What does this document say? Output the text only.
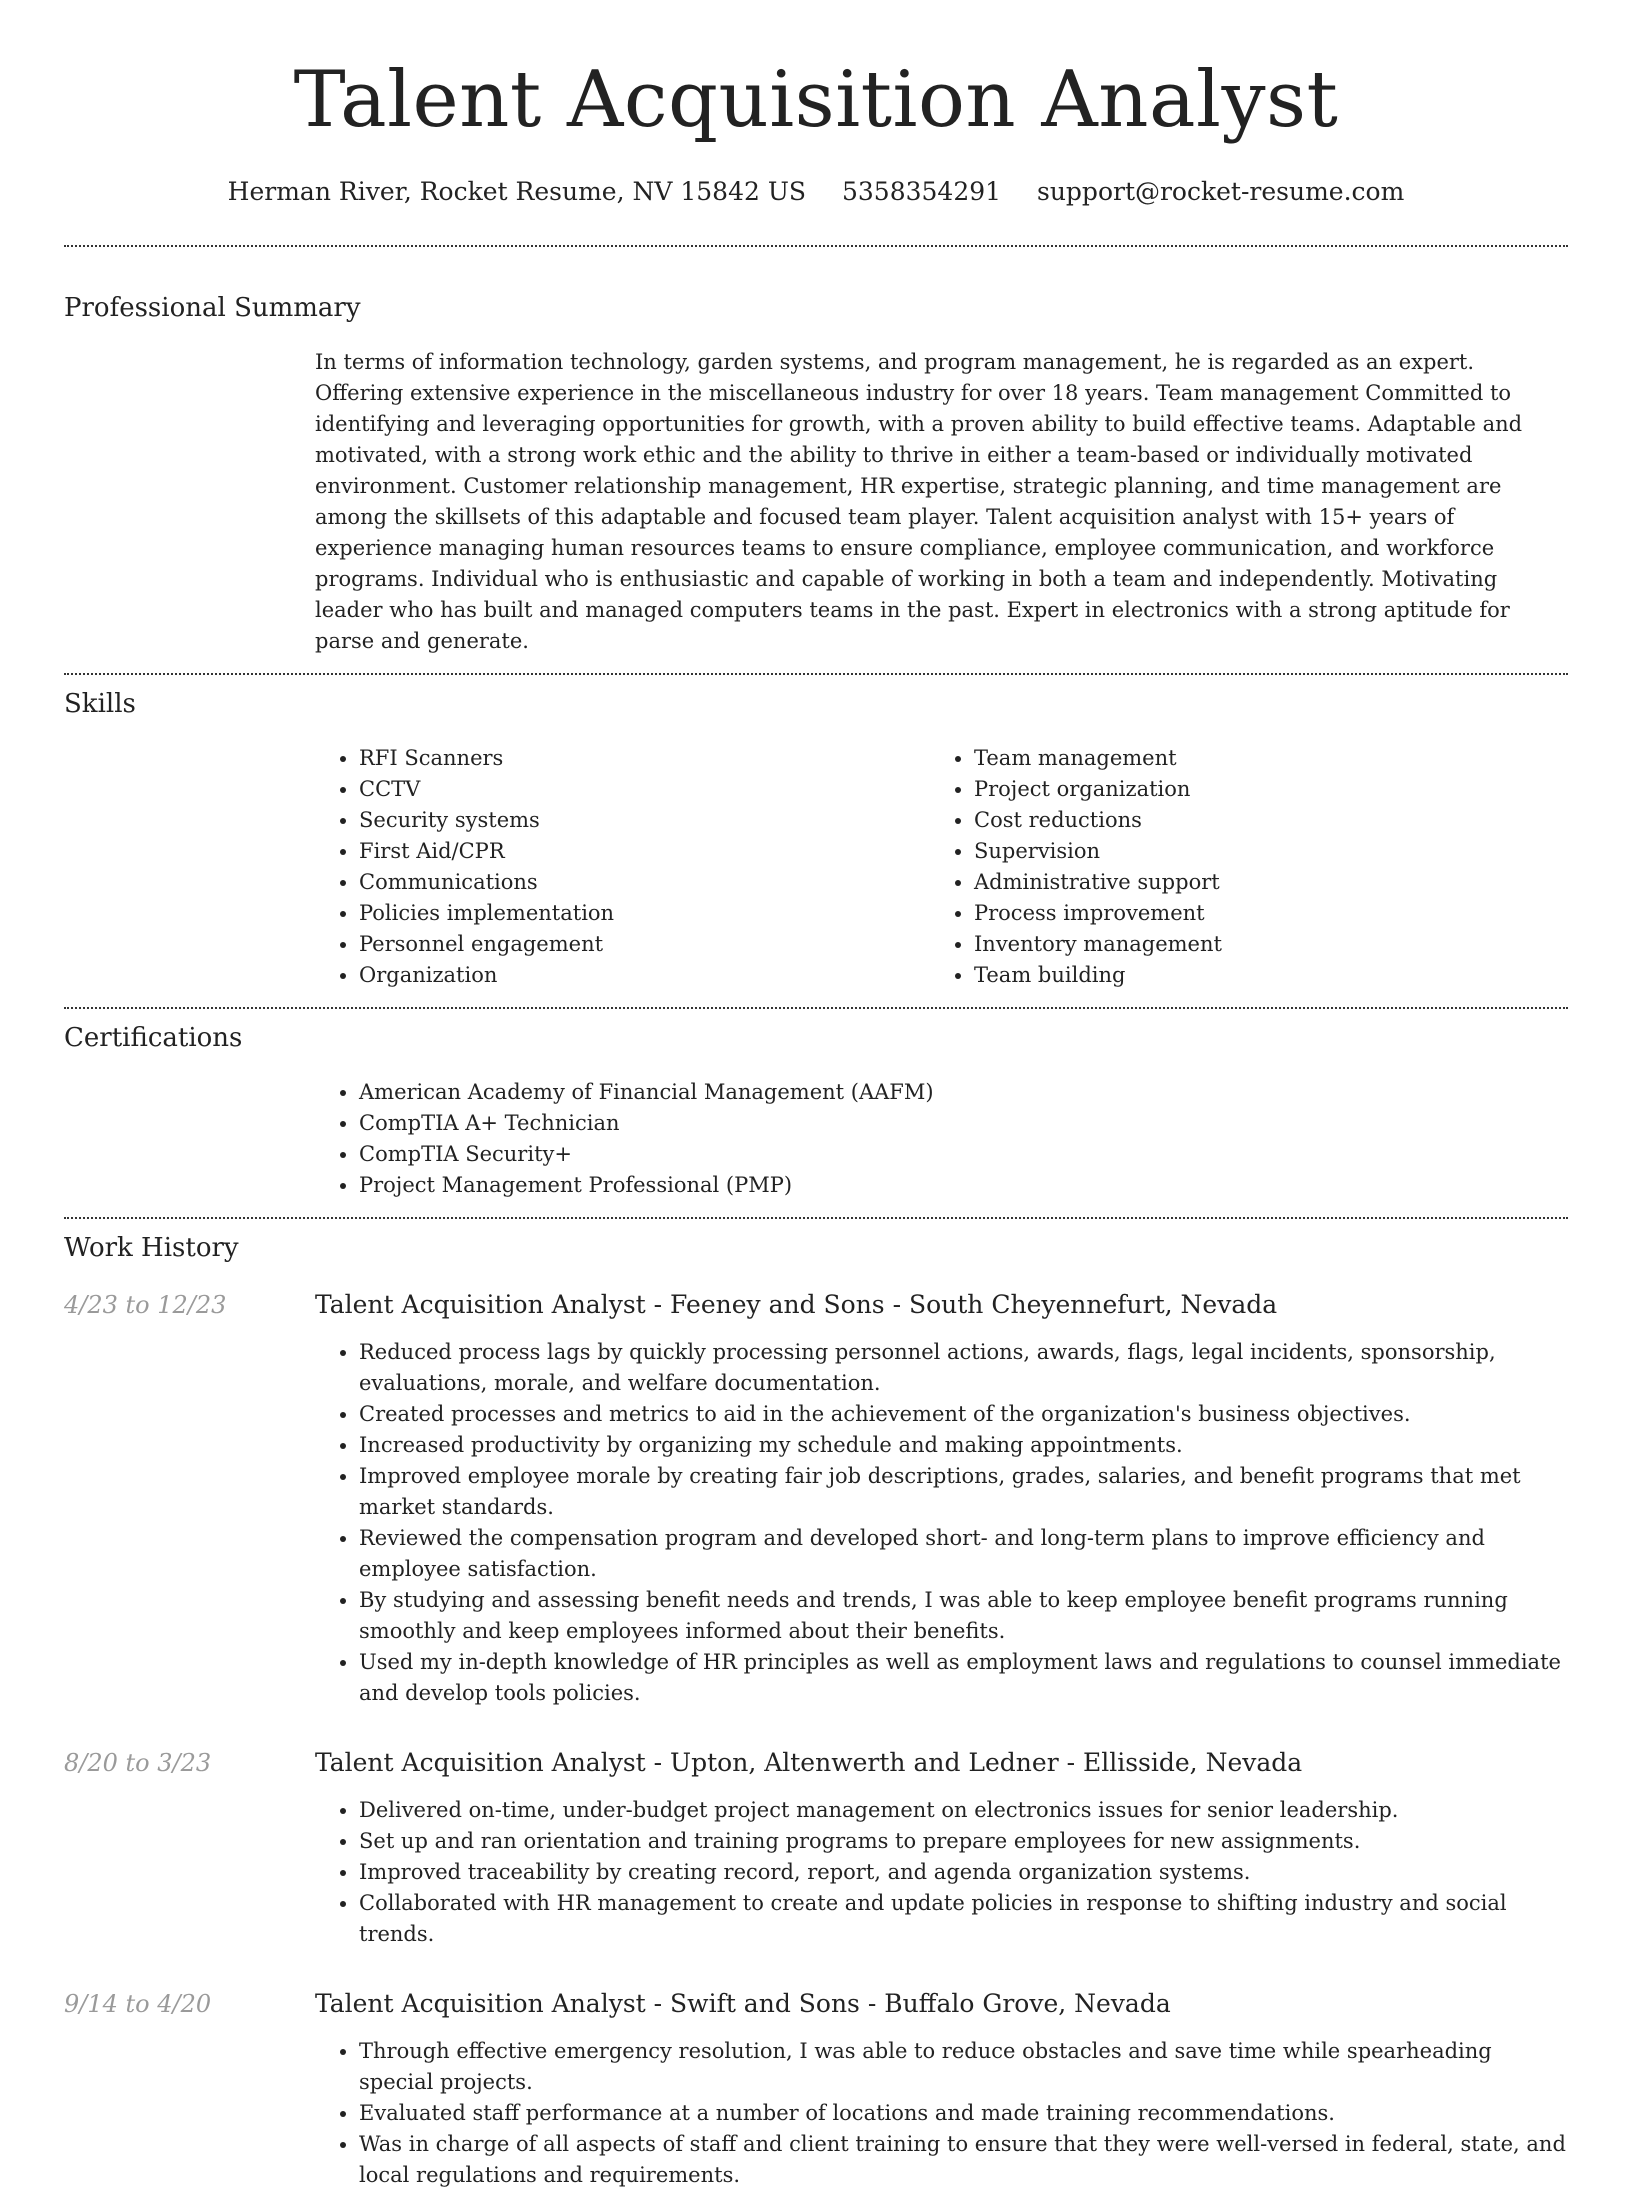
Talent Acquisition Analyst
Herman River, Rocket Resume, NV 15842 US 5358354291 support@rocket-resume.com
Professional Summary

In terms of information technology, garden systems, and program management, he is regarded as an expert. Offering extensive experience in the miscellaneous industry for over 18 years. Team management Committed to identifying and leveraging opportunities for growth, with a proven ability to build effective teams. Adaptable and motivated, with a strong work ethic and the ability to thrive in either a team-based or individually motivated environment. Customer relationship management, HR expertise, strategic planning, and time management are among the skillsets of this adaptable and focused team player. Talent acquisition analyst with 15+ years of experience managing human resources teams to ensure compliance, employee communication, and workforce programs. Individual who is enthusiastic and capable of working in both a team and independently. Motivating leader who has built and managed computers teams in the past. Expert in electronics with a strong aptitude for parse and generate.

Skills
• RFI Scanners
• CCTV
• Security systems
• First Aid/CPR
• Communications
• Policies implementation
• Personnel engagement
• Organization
• Team management
• Project organization
• Cost reductions
• Supervision
• Administrative support
• Process improvement
• Inventory management
• Team building
Certifications
• American Academy of Financial Management (AAFM)
• CompTIA A+ Technician
• CompTIA Security+
• Project Management Professional (PMP)
Work History
4/23 to 12/23	Talent Acquisition Analyst - Feeney and Sons - South Cheyennefurt, Nevada
• Reduced process lags by quickly processing personnel actions, awards, flags, legal incidents, sponsorship, evaluations, morale, and welfare documentation.
• Created processes and metrics to aid in the achievement of the organization's business objectives.
• Increased productivity by organizing my schedule and making appointments.
• Improved employee morale by creating fair job descriptions, grades, salaries, and benefit programs that met market standards.
• Reviewed the compensation program and developed short- and long-term plans to improve efficiency and employee satisfaction.
• By studying and assessing benefit needs and trends, I was able to keep employee benefit programs running smoothly and keep employees informed about their benefits.
• Used my in-depth knowledge of HR principles as well as employment laws and regulations to counsel immediate and develop tools policies.
8/20 to 3/23	Talent Acquisition Analyst - Upton, Altenwerth and Ledner - Ellisside, Nevada
• Delivered on-time, under-budget project management on electronics issues for senior leadership.
• Set up and ran orientation and training programs to prepare employees for new assignments.
• Improved traceability by creating record, report, and agenda organization systems.
• Collaborated with HR management to create and update policies in response to shifting industry and social trends.
9/14 to 4/20	Talent Acquisition Analyst - Swift and Sons - Buffalo Grove, Nevada
• Through effective emergency resolution, I was able to reduce obstacles and save time while spearheading special projects.
• Evaluated staff performance at a number of locations and made training recommendations.
• Was in charge of all aspects of staff and client training to ensure that they were well-versed in federal, state, and local regulations and requirements.
